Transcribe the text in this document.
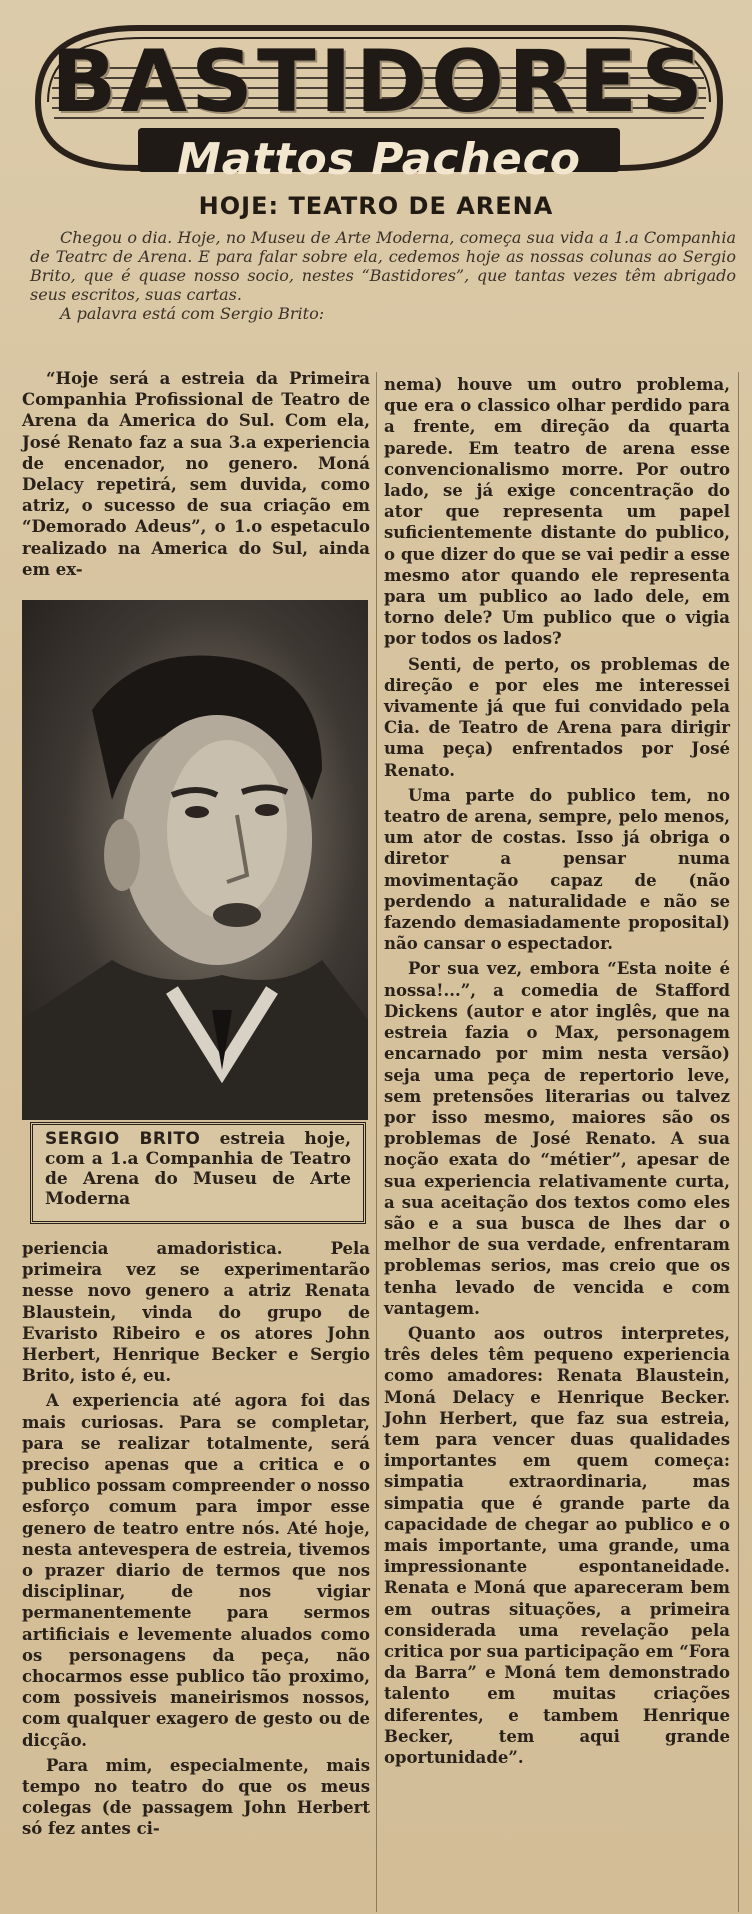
BASTIDORES
Mattos Pacheco
HOJE: TEATRO DE ARENA

Chegou o dia. Hoje, no Museu de Arte Moderna, começa sua vida a 1.a Companhia de Teatrc de Arena. E para falar sobre ela, cedemos hoje as nossas colunas ao Sergio Brito, que é quase nosso socio, nestes “Bastidores”, que tantas vezes têm abrigado seus escritos, suas cartas.

A palavra está com Sergio Brito:

“Hoje será a estreia da Primeira Companhia Profissional de Teatro de Arena da America do Sul. Com ela, José Renato faz a sua 3.a experiencia de encenador, no genero. Moná Delacy repetirá, sem duvida, como atriz, o sucesso de sua criação em “Demorado Adeus”, o 1.o espetaculo realizado na America do Sul, ainda em ex-

SERGIO BRITO estreia hoje, com a 1.a Companhia de Teatro de Arena do Museu de Arte Moderna

periencia amadoristica. Pela primeira vez se experimentarão nesse novo genero a atriz Renata Blaustein, vinda do grupo de Evaristo Ribeiro e os atores John Herbert, Henrique Becker e Sergio Brito, isto é, eu.

A experiencia até agora foi das mais curiosas. Para se completar, para se realizar totalmente, será preciso apenas que a critica e o publico possam compreender o nosso esforço comum para impor esse genero de teatro entre nós. Até hoje, nesta antevespera de estreia, tivemos o prazer diario de termos que nos disciplinar, de nos vigiar permanentemente para sermos artificiais e levemente aluados como os personagens da peça, não chocarmos esse publico tão proximo, com possiveis maneirismos nossos, com qualquer exagero de gesto ou de dicção.

Para mim, especialmente, mais tempo no teatro do que os meus colegas (de passagem John Herbert só fez antes ci-

nema) houve um outro problema, que era o classico olhar perdido para a frente, em direção da quarta parede. Em teatro de arena esse convencionalismo morre. Por outro lado, se já exige concentração do ator que representa um papel suficientemente distante do publico, o que dizer do que se vai pedir a esse mesmo ator quando ele representa para um publico ao lado dele, em torno dele? Um publico que o vigia por todos os lados?

Senti, de perto, os problemas de direção e por eles me interessei vivamente já que fui convidado pela Cia. de Teatro de Arena para dirigir uma peça) enfrentados por José Renato.

Uma parte do publico tem, no teatro de arena, sempre, pelo menos, um ator de costas. Isso já obriga o diretor a pensar numa movimentação capaz de (não perdendo a naturalidade e não se fazendo demasiadamente proposital) não cansar o espectador.

Por sua vez, embora “Esta noite é nossa!...”, a comedia de Stafford Dickens (autor e ator inglês, que na estreia fazia o Max, personagem encarnado por mim nesta versão) seja uma peça de repertorio leve, sem pretensões literarias ou talvez por isso mesmo, maiores são os problemas de José Renato. A sua noção exata do “métier”, apesar de sua experiencia relativamente curta, a sua aceitação dos textos como eles são e a sua busca de lhes dar o melhor de sua verdade, enfrentaram problemas serios, mas creio que os tenha levado de vencida e com vantagem.

Quanto aos outros interpretes, três deles têm pequeno experiencia como amadores: Renata Blaustein, Moná Delacy e Henrique Becker. John Herbert, que faz sua estreia, tem para vencer duas qualidades importantes em quem começa: simpatia extraordinaria, mas simpatia que é grande parte da capacidade de chegar ao publico e o mais importante, uma grande, uma impressionante espontaneidade. Renata e Moná que apareceram bem em outras situações, a primeira considerada uma revelação pela critica por sua participação em “Fora da Barra” e Moná tem demonstrado talento em muitas criações diferentes, e tambem Henrique Becker, tem aqui grande oportunidade”.
